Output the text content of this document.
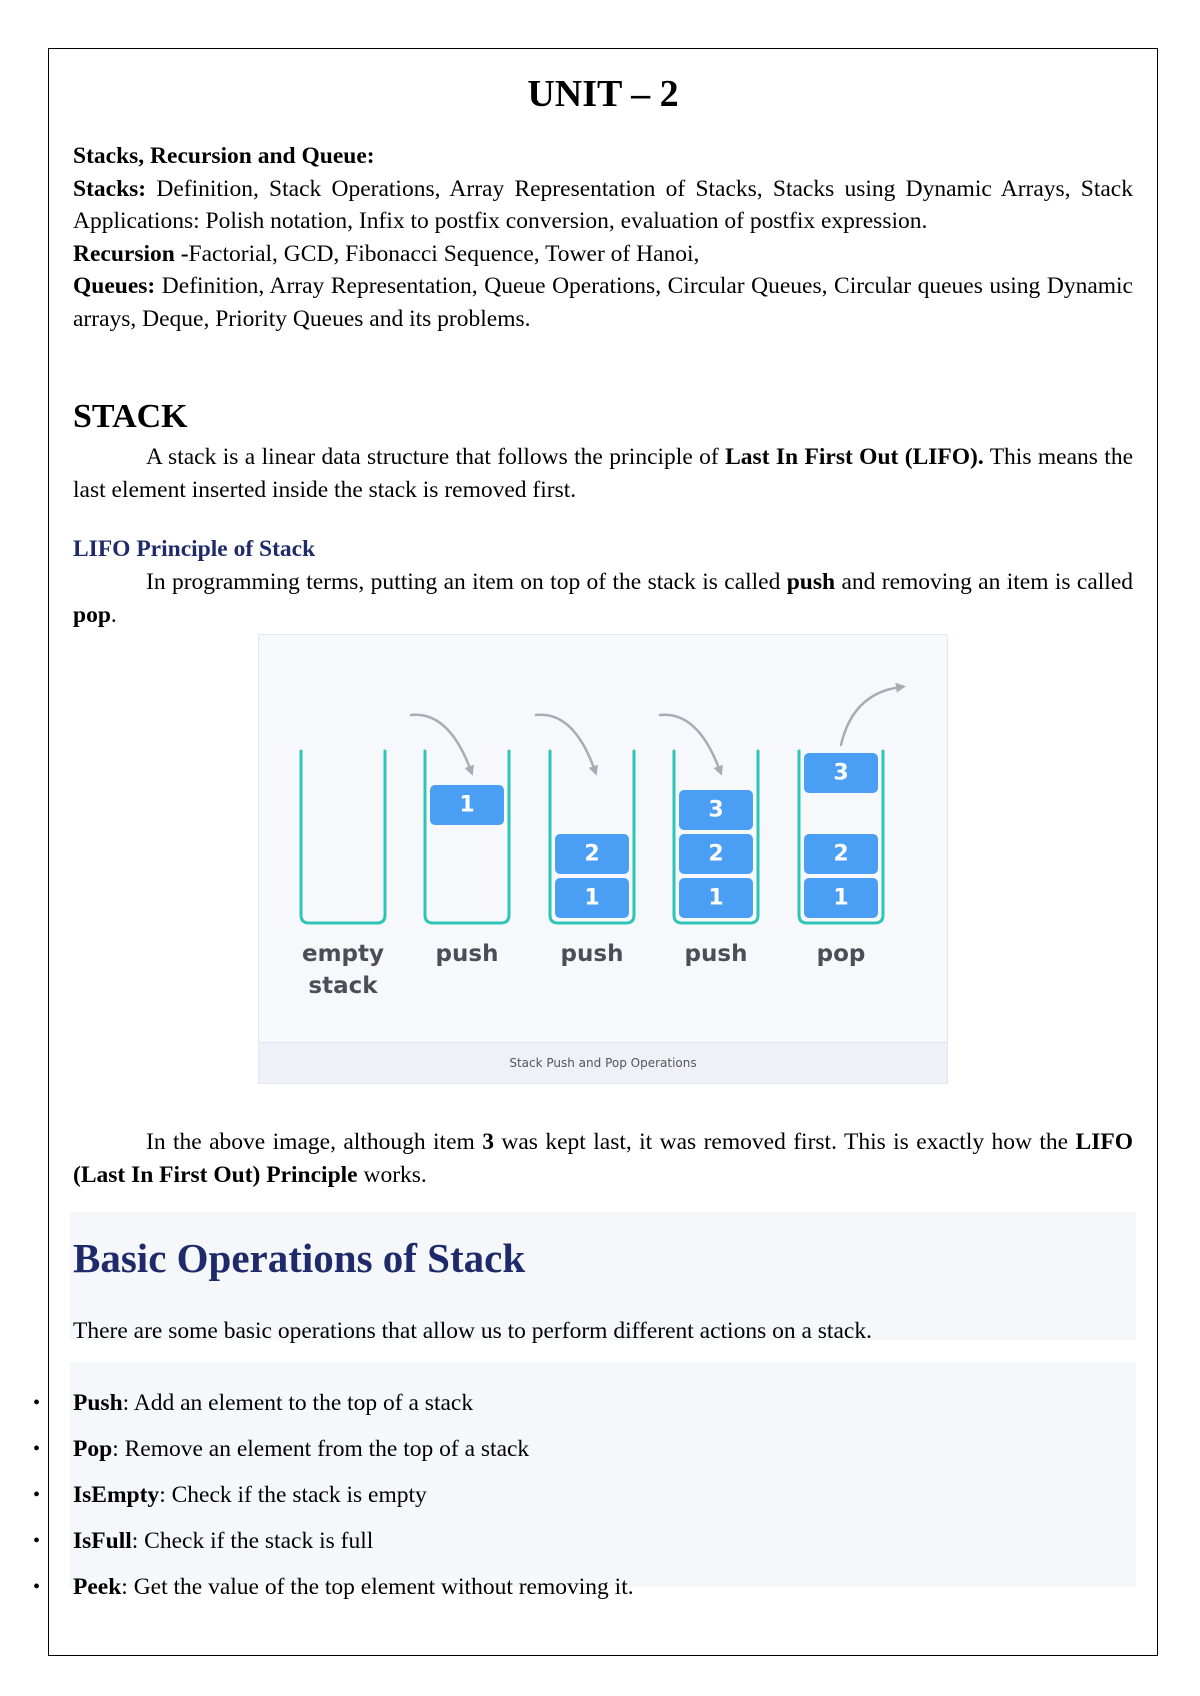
UNIT – 2
Stacks, Recursion and Queue:
Stacks: Definition, Stack Operations, Array Representation of Stacks, Stacks using Dynamic Arrays, Stack Applications: Polish notation, Infix to postfix conversion, evaluation of postfix expression.
Recursion -Factorial, GCD, Fibonacci Sequence, Tower of Hanoi,
Queues: Definition, Array Representation, Queue Operations, Circular Queues, Circular queues using Dynamic arrays, Deque, Priority Queues and its problems.
STACK
A stack is a linear data structure that follows the principle of Last In First Out (LIFO). This means the last element inserted inside the stack is removed first.
LIFO Principle of Stack
In programming terms, putting an item on top of the stack is called push and removing an item is called pop.
1
2
1
3
2
1
3
2
1
empty
stack
push	push	push	pop
Stack Push and Pop Operations
In the above image, although item 3 was kept last, it was removed first. This is exactly how the LIFO (Last In First Out) Principle works.
Basic Operations of Stack
There are some basic operations that allow us to perform different actions on a stack.
• Push: Add an element to the top of a stack
• Pop: Remove an element from the top of a stack
• IsEmpty: Check if the stack is empty
• IsFull: Check if the stack is full
• Peek: Get the value of the top element without removing it.
